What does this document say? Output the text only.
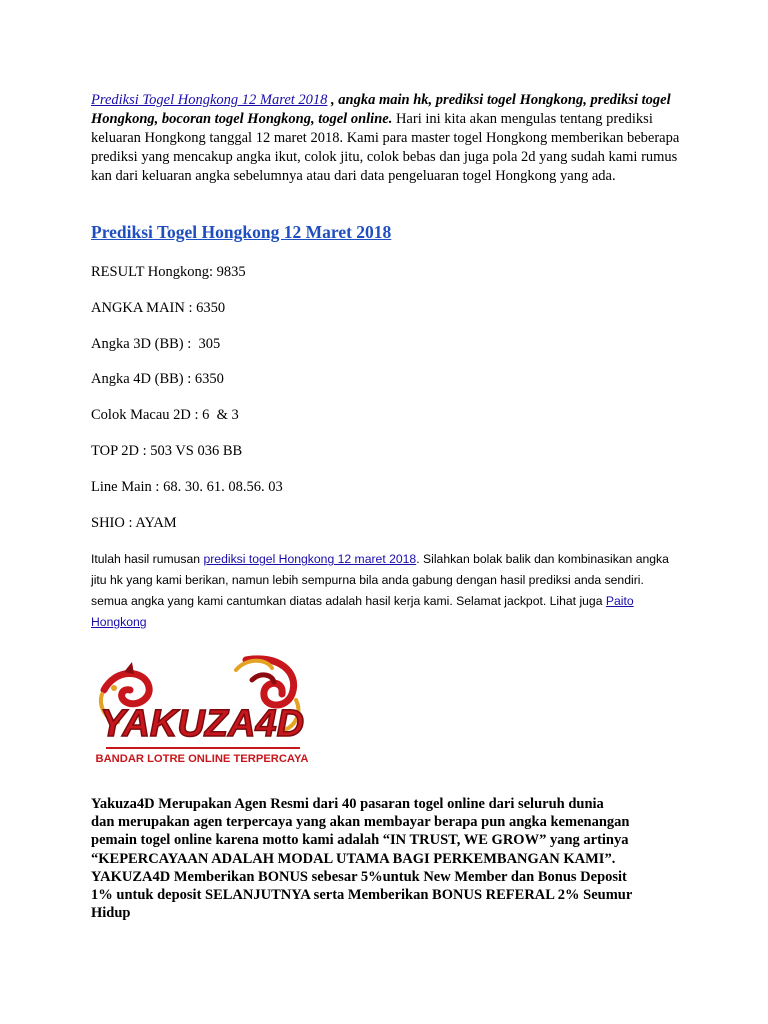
Prediksi Togel Hongkong 12 Maret 2018 , angka main hk, prediksi togel Hongkong, prediksi togel Hongkong, bocoran togel Hongkong, togel online. Hari ini kita akan mengulas tentang prediksi keluaran Hongkong tanggal 12 maret 2018. Kami para master togel Hongkong memberikan beberapa prediksi yang mencakup angka ikut, colok jitu, colok bebas dan juga pola 2d yang sudah kami rumus kan dari keluaran angka sebelumnya atau dari data pengeluaran togel Hongkong yang ada.

Prediksi Togel Hongkong 12 Maret 2018

RESULT Hongkong: 9835

ANGKA MAIN : 6350

Angka 3D (BB) :  305

Angka 4D (BB) : 6350

Colok Macau 2D : 6  & 3

TOP 2D : 503 VS 036 BB

Line Main : 68. 30. 61. 08.56. 03

SHIO : AYAM

Itulah hasil rumusan prediksi togel Hongkong 12 maret 2018. Silahkan bolak balik dan kombinasikan angka jitu hk yang kami berikan, namun lebih sempurna bila anda gabung dengan hasil prediksi anda sendiri. semua angka yang kami cantumkan diatas adalah hasil kerja kami. Selamat jackpot. Lihat juga Paito Hongkong
YAKUZA4D
BANDAR LOTRE ONLINE TERPERCAYA
Yakuza4D Merupakan Agen Resmi dari 40 pasaran togel online dari seluruh dunia
dan merupakan agen terpercaya yang akan membayar berapa pun angka kemenangan
pemain togel online karena motto kami adalah “IN TRUST, WE GROW” yang artinya
“KEPERCAYAAN ADALAH MODAL UTAMA BAGI PERKEMBANGAN KAMI”.
YAKUZA4D Memberikan BONUS sebesar 5%untuk New Member dan Bonus Deposit
1% untuk deposit SELANJUTNYA serta Memberikan BONUS REFERAL 2% Seumur
Hidup
